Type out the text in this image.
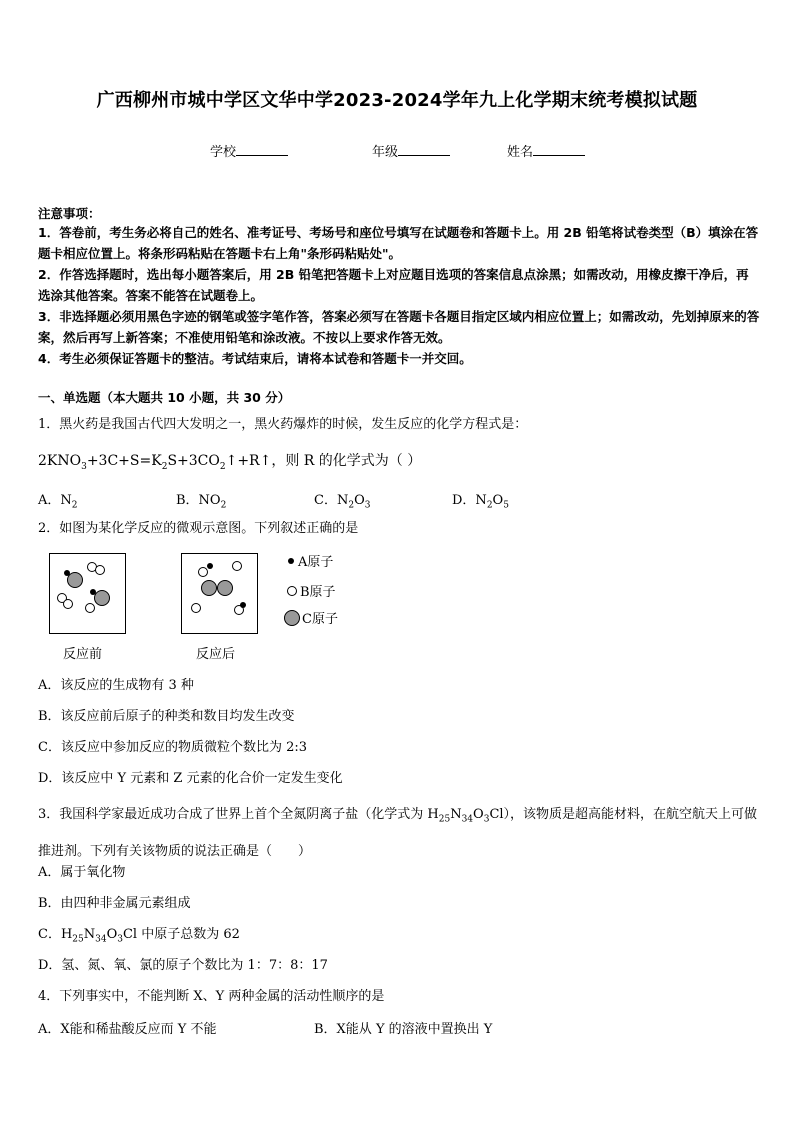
广西柳州市城中学区文华中学2023-2024学年九上化学期末统考模拟试题
学校	年级	姓名
注意事项：
1．答卷前，考生务必将自己的姓名、准考证号、考场号和座位号填写在试题卷和答题卡上。用 2B 铅笔将试卷类型（B）填涂在答题卡相应位置上。将条形码粘贴在答题卡右上角"条形码粘贴处"。
2．作答选择题时，选出每小题答案后，用 2B 铅笔把答题卡上对应题目选项的答案信息点涂黑；如需改动，用橡皮擦干净后，再选涂其他答案。答案不能答在试题卷上。
3．非选择题必须用黑色字迹的钢笔或签字笔作答，答案必须写在答题卡各题目指定区域内相应位置上；如需改动，先划掉原来的答案，然后再写上新答案；不准使用铅笔和涂改液。不按以上要求作答无效。
4．考生必须保证答题卡的整洁。考试结束后，请将本试卷和答题卡一并交回。
一、单选题（本大题共 10 小题，共 30 分）
1．黑火药是我国古代四大发明之一，黑火药爆炸的时候，发生反应的化学方程式是：
$2KNO_3+3C+S=K_2S+3CO_2↑+R↑$，则 R 的化学式为（ ）
A．$N_2$	B．$NO_2$	C．$N_2O_3$	D．$N_2O_5$
2．如图为某化学反应的微观示意图。下列叙述正确的是
A原子
B原子
C原子
反应前	反应后
A．该反应的生成物有 3 种
B．该反应前后原子的种类和数目均发生改变
C．该反应中参加反应的物质微粒个数比为 2:3
D．该反应中 Y 元素和 Z 元素的化合价一定发生变化
3．我国科学家最近成功合成了世界上首个全氮阴离子盐（化学式为 $H_{25}N_{34}O_3Cl$），该物质是超高能材料，在航空航天上可做推进剂。下列有关该物质的说法正确是（　　）
A．属于氧化物
B．由四种非金属元素组成
C．$H_{25}N_{34}O_3Cl$ 中原子总数为 62
D．氢、氮、氧、氯的原子个数比为 1：7：8：17
4．下列事实中，不能判断 X、Y 两种金属的活动性顺序的是
A．X能和稀盐酸反应而 Y 不能	B．X能从 Y 的溶液中置换出 Y
